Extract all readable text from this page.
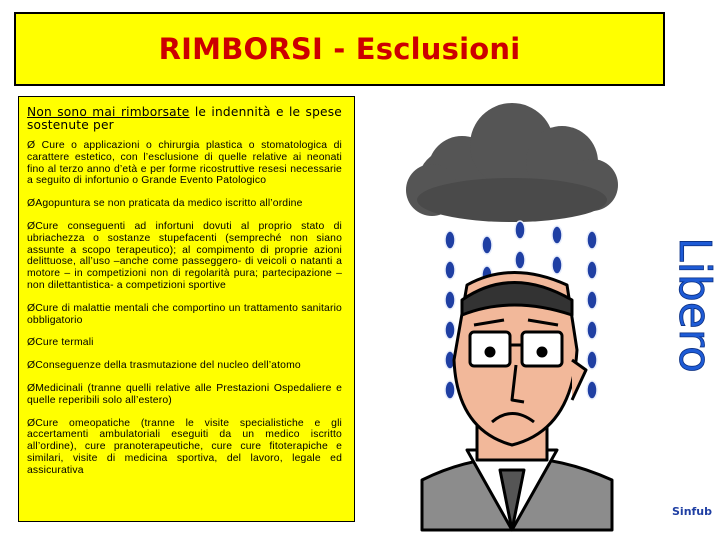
RIMBORSI - Esclusioni

Non sono mai rimborsate le indennità e le spese sostenute per

Ø Cure o applicazioni o chirurgia plastica o stomatologica di carattere estetico, con l’esclusione di quelle relative ai neonati fino al terzo anno d’età e per forme ricostruttive resesi necessarie a seguito di infortunio o Grande Evento Patologico

ØAgopuntura se non praticata da medico iscritto all’ordine

ØCure conseguenti ad infortuni dovuti al proprio stato di ubriachezza o sostanze stupefacenti (sempreché non siano assunte a scopo terapeutico); al compimento di proprie azioni delittuose, all’uso –anche come passeggero- di veicoli o natanti a motore – in competizioni non di regolarità pura; partecipazione –non dilettantistica- a competizioni sportive

ØCure di malattie mentali che comportino un trattamento sanitario obbligatorio

ØCure termali

ØConseguenze della trasmutazione del nucleo dell’atomo

ØMedicinali (tranne quelli relative alle Prestazioni Ospedaliere e quelle reperibili solo all’estero)

ØCure omeopatiche (tranne le visite specialistiche e gli accertamenti ambulatoriali eseguiti da un medico iscritto all’ordine), cure pranoterapeutiche, cure cure fitoterapiche e similari, visite di medicina sportiva, del lavoro, legale ed assicurativa

Libero
Sinfub
